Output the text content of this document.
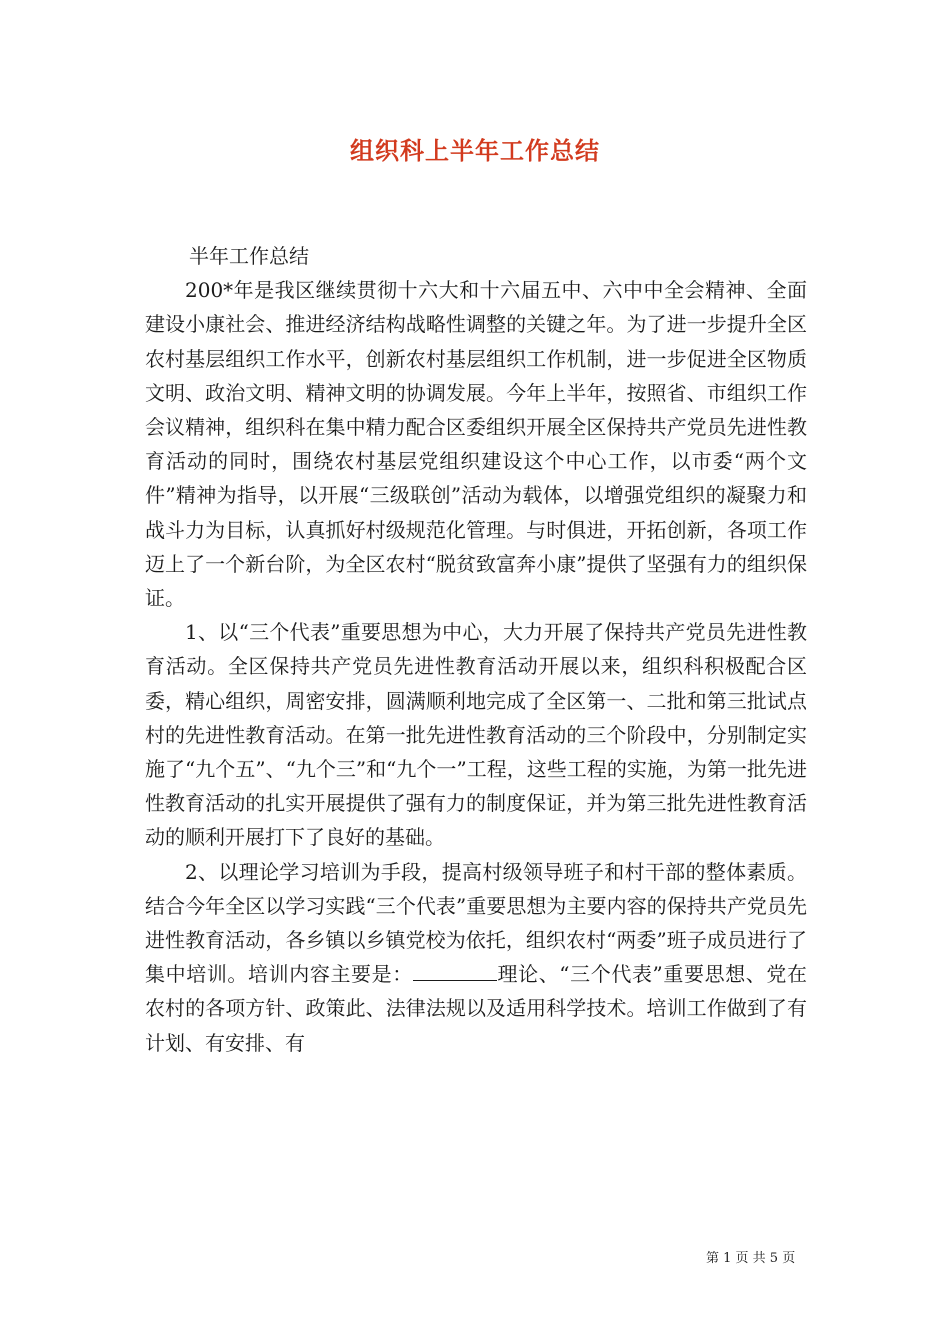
组织科上半年工作总结

半年工作总结

200*年是我区继续贯彻十六大和十六届五中、六中中全会精神、全面建设小康社会、推进经济结构战略性调整的关键之年。为了进一步提升全区农村基层组织工作水平，创新农村基层组织工作机制，进一步促进全区物质文明、政治文明、精神文明的协调发展。今年上半年，按照省、市组织工作会议精神，组织科在集中精力配合区委组织开展全区保持共产党员先进性教育活动的同时，围绕农村基层党组织建设这个中心工作，以市委“两个文件”精神为指导，以开展“三级联创”活动为载体，以增强党组织的凝聚力和战斗力为目标，认真抓好村级规范化管理。与时俱进，开拓创新，各项工作迈上了一个新台阶，为全区农村“脱贫致富奔小康”提供了坚强有力的组织保证。

1、以“三个代表”重要思想为中心，大力开展了保持共产党员先进性教育活动。全区保持共产党员先进性教育活动开展以来，组织科积极配合区委，精心组织，周密安排，圆满顺利地完成了全区第一、二批和第三批试点村的先进性教育活动。在第一批先进性教育活动的三个阶段中，分别制定实施了“九个五”、“九个三”和“九个一”工程，这些工程的实施，为第一批先进性教育活动的扎实开展提供了强有力的制度保证，并为第三批先进性教育活动的顺利开展打下了良好的基础。

2、以理论学习培训为手段，提高村级领导班子和村干部的整体素质。结合今年全区以学习实践“三个代表”重要思想为主要内容的保持共产党员先进性教育活动，各乡镇以乡镇党校为依托，组织农村“两委”班子成员进行了集中培训。培训内容主要是：	理论、“三个代表”重要思想、党在农村的各项方针、政策此、法律法规以及适用科学技术。培训工作做到了有计划、有安排、有

第 1 页 共 5 页
